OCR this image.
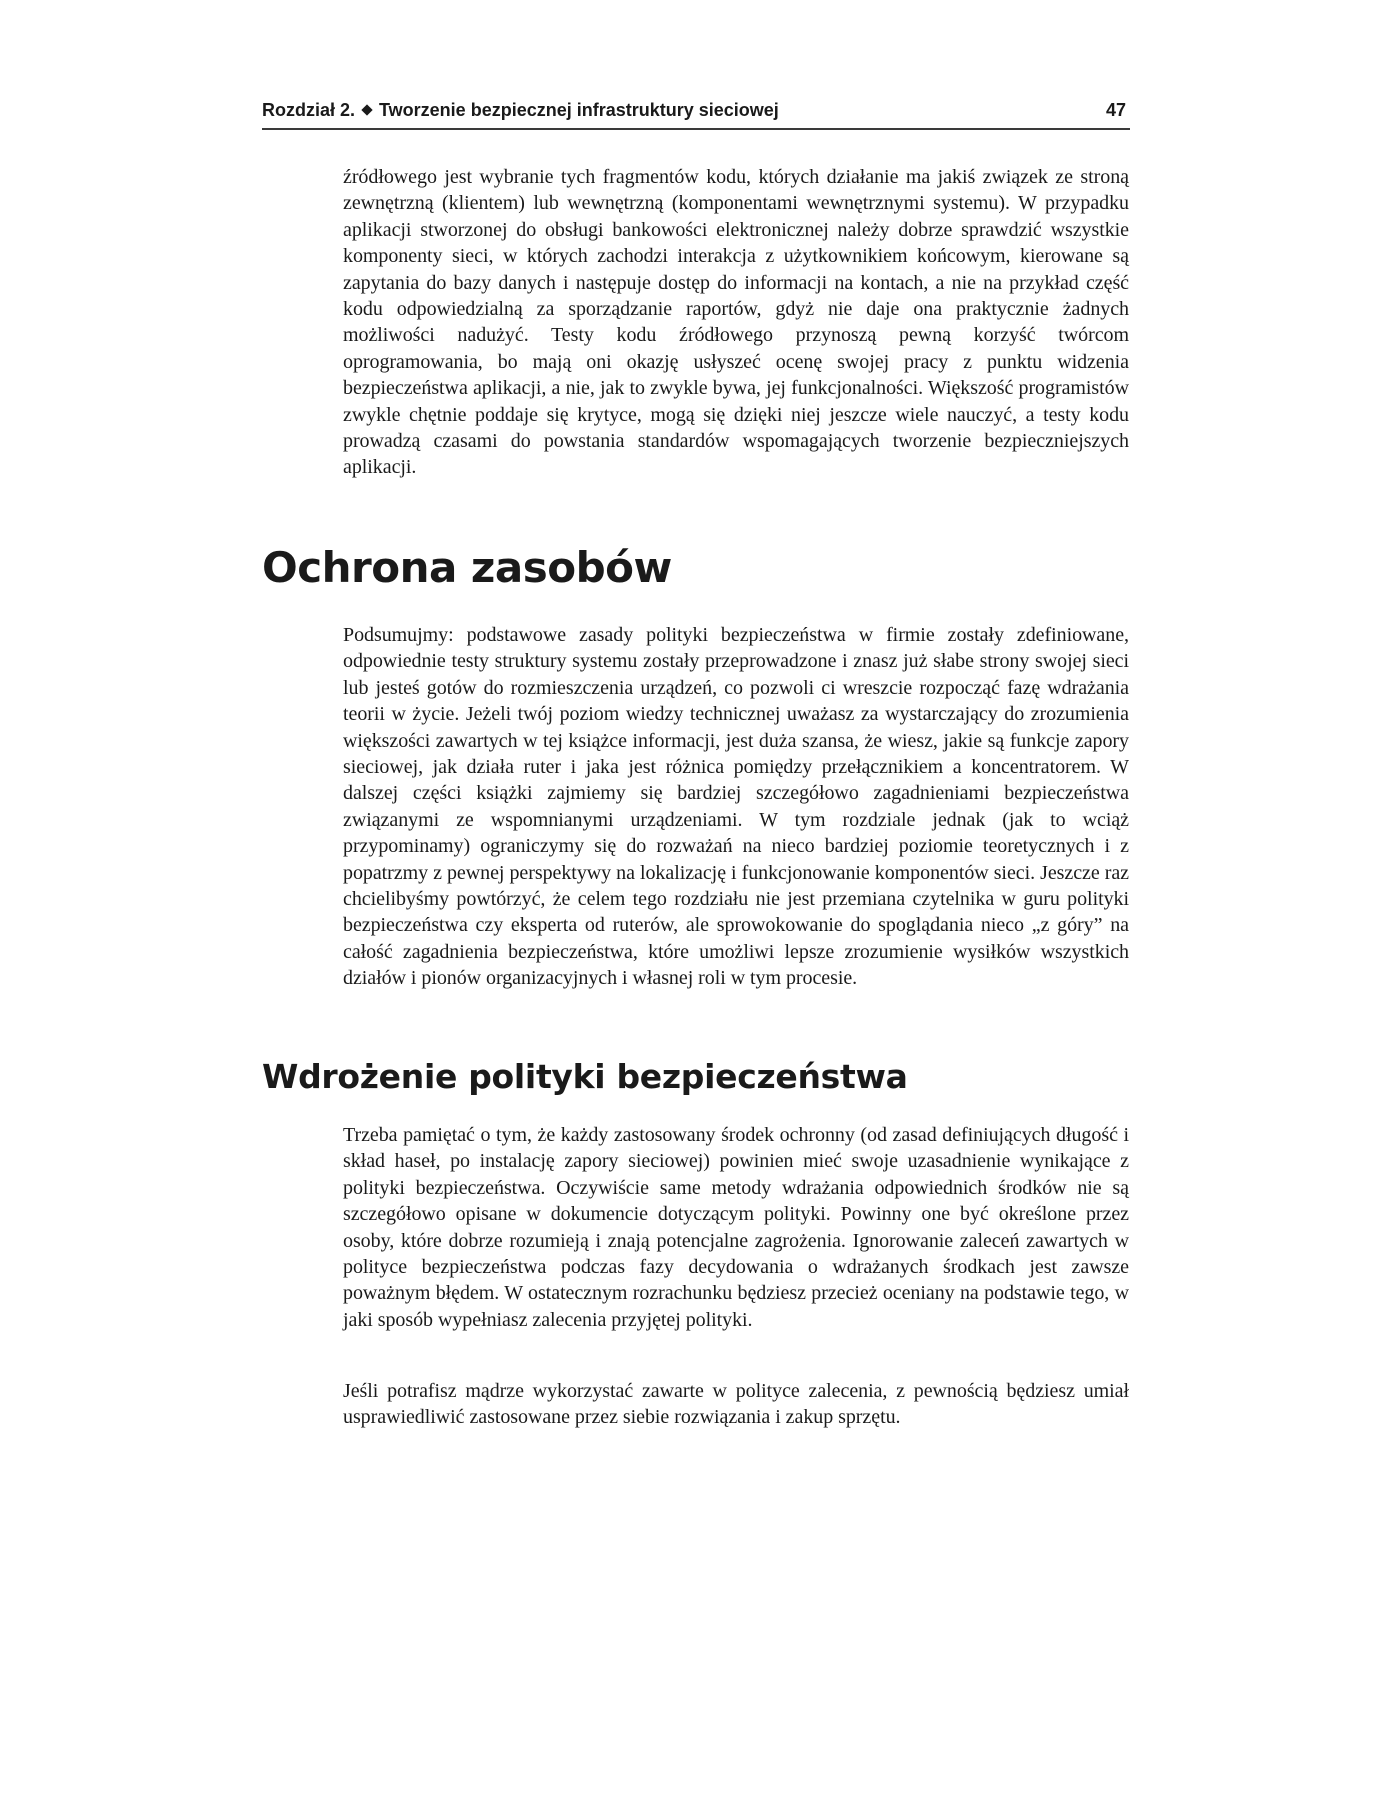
Rozdział 2. Tworzenie bezpiecznej infrastruktury sieciowej	47

źródłowego jest wybranie tych fragmentów kodu, których działanie ma jakiś związek ze stroną zewnętrzną (klientem) lub wewnętrzną (komponentami wewnętrznymi systemu). W przypadku aplikacji stworzonej do obsługi bankowości elektronicznej należy dobrze sprawdzić wszystkie komponenty sieci, w których zachodzi interakcja z użytkownikiem końcowym, kierowane są zapytania do bazy danych i następuje dostęp do informacji na kontach, a nie na przykład część kodu odpowiedzialną za sporządzanie raportów, gdyż nie daje ona praktycznie żadnych możliwości nadużyć. Testy kodu źródłowego przynoszą pewną korzyść twórcom oprogramowania, bo mają oni okazję usłyszeć ocenę swojej pracy z punktu widzenia bezpieczeństwa aplikacji, a nie, jak to zwykle bywa, jej funkcjonalności. Większość programistów zwykle chętnie poddaje się krytyce, mogą się dzięki niej jeszcze wiele nauczyć, a testy kodu prowadzą czasami do powstania standardów wspomagających tworzenie bezpieczniejszych aplikacji.

Ochrona zasobów

Podsumujmy: podstawowe zasady polityki bezpieczeństwa w firmie zostały zdefiniowane, odpowiednie testy struktury systemu zostały przeprowadzone i znasz już słabe strony swojej sieci lub jesteś gotów do rozmieszczenia urządzeń, co pozwoli ci wreszcie rozpocząć fazę wdrażania teorii w życie. Jeżeli twój poziom wiedzy technicznej uważasz za wystarczający do zrozumienia większości zawartych w tej książce informacji, jest duża szansa, że wiesz, jakie są funkcje zapory sieciowej, jak działa ruter i jaka jest różnica pomiędzy przełącznikiem a koncentratorem. W dalszej części książki zajmiemy się bardziej szczegółowo zagadnieniami bezpieczeństwa związanymi ze wspomnianymi urządzeniami. W tym rozdziale jednak (jak to wciąż przypominamy) ograniczymy się do rozważań na nieco bardziej poziomie teoretycznych i z popatrzmy z pewnej perspektywy na lokalizację i funkcjonowanie komponentów sieci. Jeszcze raz chcielibyśmy powtórzyć, że celem tego rozdziału nie jest przemiana czytelnika w guru polityki bezpieczeństwa czy eksperta od ruterów, ale sprowokowanie do spoglądania nieco „z góry” na całość zagadnienia bezpieczeństwa, które umożliwi lepsze zrozumienie wysiłków wszystkich działów i pionów organizacyjnych i własnej roli w tym procesie.

Wdrożenie polityki bezpieczeństwa

Trzeba pamiętać o tym, że każdy zastosowany środek ochronny (od zasad definiujących długość i skład haseł, po instalację zapory sieciowej) powinien mieć swoje uzasadnienie wynikające z polityki bezpieczeństwa. Oczywiście same metody wdrażania odpowiednich środków nie są szczegółowo opisane w dokumencie dotyczącym polityki. Powinny one być określone przez osoby, które dobrze rozumieją i znają potencjalne zagrożenia. Ignorowanie zaleceń zawartych w polityce bezpieczeństwa podczas fazy decydowania o wdrażanych środkach jest zawsze poważnym błędem. W ostatecznym rozrachunku będziesz przecież oceniany na podstawie tego, w jaki sposób wypełniasz zalecenia przyjętej polityki.

Jeśli potrafisz mądrze wykorzystać zawarte w polityce zalecenia, z pewnością będziesz umiał usprawiedliwić zastosowane przez siebie rozwiązania i zakup sprzętu.
